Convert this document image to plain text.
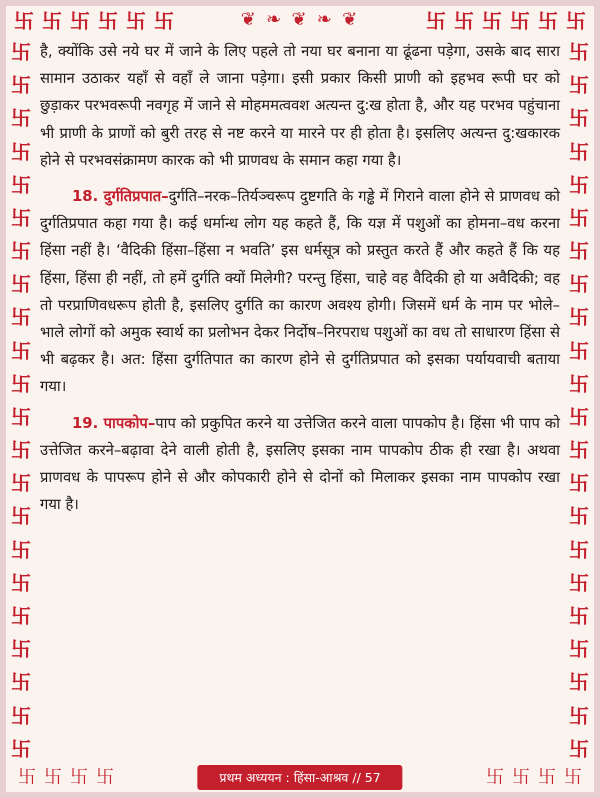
卐 卐 卐 卐 卐 卐	❦ ❧ ❦ ❧ ❦	卐 卐 卐 卐 卐 卐
卐
卐
卐
卐
卐
卐
卐
卐
卐
卐
卐
卐
卐
卐
卐
卐
卐
卐
卐
卐
卐
卐
卐
卐
卐
卐
卐
卐
卐
卐
卐
卐
卐
卐
卐
卐
卐
卐
卐
卐
卐
卐
卐
卐

है, क्योंकि उसे नये घर में जाने के लिए पहले तो नया घर बनाना या ढूंढना पड़ेगा, उसके बाद सारा सामान उठाकर यहाँ से वहाँ ले जाना पड़ेगा। इसी प्रकार किसी प्राणी को इहभव रूपी घर को छुड़ाकर परभवरूपी नवगृह में जाने से मोहममत्ववश अत्यन्त दु:ख होता है, और यह परभव पहुंचाना भी प्राणी के प्राणों को बुरी तरह से नष्ट करने या मारने पर ही होता है। इसलिए अत्यन्त दु:खकारक होने से परभवसंक्रामण कारक को भी प्राणवध के समान कहा गया है।

18. दुर्गतिप्रपात–दुर्गति–नरक–तिर्यञ्चरूप दुष्टगति के गड्ढे में गिराने वाला होने से प्राणवध को दुर्गतिप्रपात कहा गया है। कई धर्मान्ध लोग यह कहते हैं, कि यज्ञ में पशुओं का होमना–वध करना हिंसा नहीं है। ‘वैदिकी हिंसा–हिंसा न भवति’ इस धर्मसूत्र को प्रस्तुत करते हैं और कहते हैं कि यह हिंसा, हिंसा ही नहीं, तो हमें दुर्गति क्यों मिलेगी? परन्तु हिंसा, चाहे वह वैदिकी हो या अवैदिकी; वह तो परप्राणिवधरूप होती है, इसलिए दुर्गति का कारण अवश्य होगी। जिसमें धर्म के नाम पर भोले–भाले लोगों को अमुक स्वार्थ का प्रलोभन देकर निर्दोष–निरपराध पशुओं का वध तो साधारण हिंसा से भी बढ़कर है। अत: हिंसा दुर्गतिपात का कारण होने से दुर्गतिप्रपात को इसका पर्यायवाची बताया गया।

19. पापकोप–पाप को प्रकुपित करने या उत्तेजित करने वाला पापकोप है। हिंसा भी पाप को उत्तेजित करने–बढ़ावा देने वाली होती है, इसलिए इसका नाम पापकोप ठीक ही रखा है। अथवा प्राणवध के पापरूप होने से और कोपकारी होने से दोनों को मिलाकर इसका नाम पापकोप रखा गया है।

卐 卐 卐 卐	卐 卐 卐 卐
प्रथम अध्ययन : हिंसा-आश्रव // 57
